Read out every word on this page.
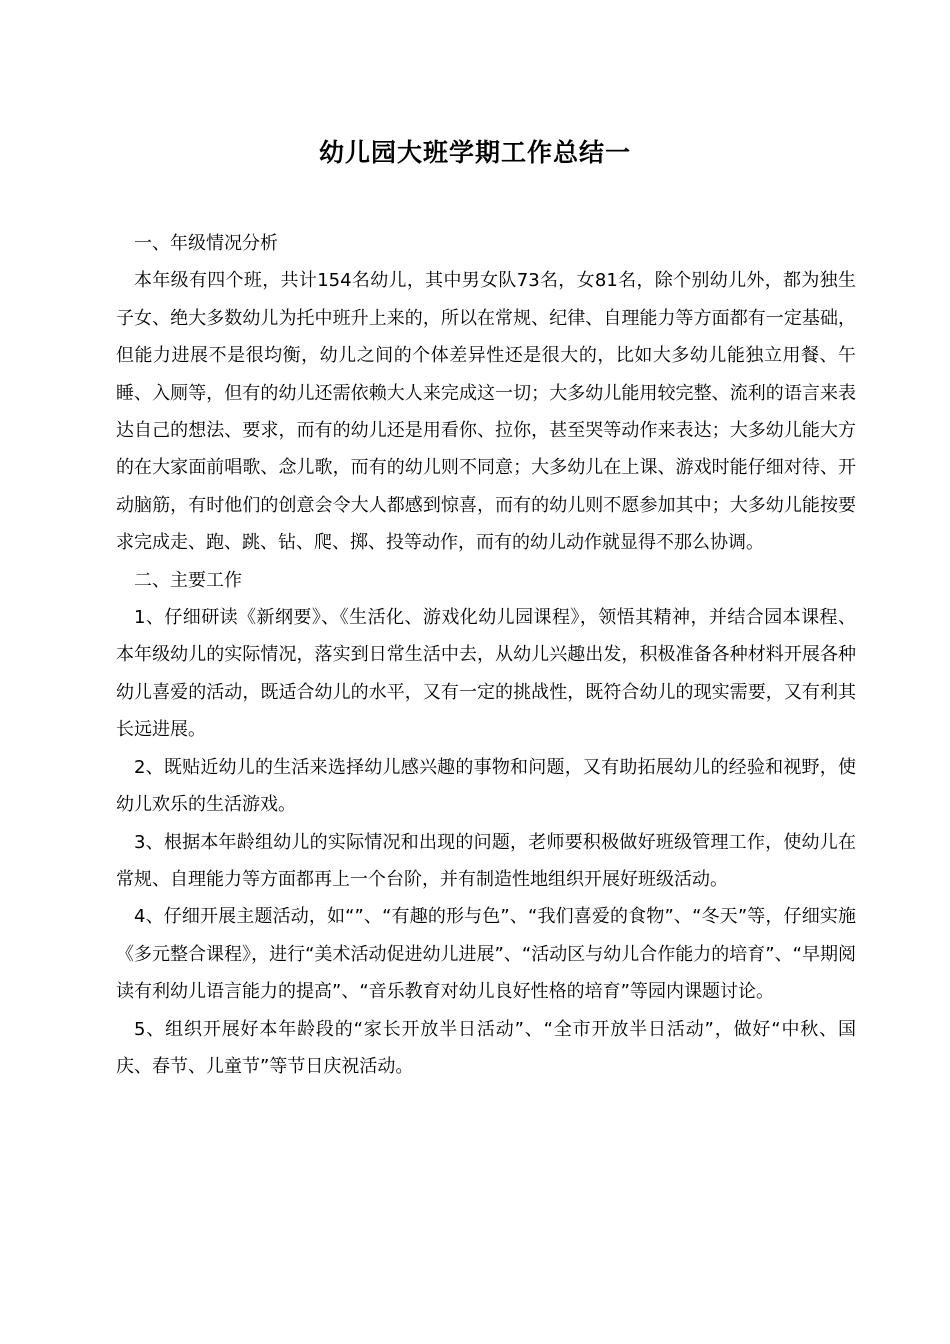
幼儿园大班学期工作总结一

一、年级情况分析

本年级有四个班，共计154名幼儿，其中男女队73名，女81名，除个别幼儿外，都为独生子女、绝大多数幼儿为托中班升上来的，所以在常规、纪律、自理能力等方面都有一定基础，但能力进展不是很均衡，幼儿之间的个体差异性还是很大的，比如大多幼儿能独立用餐、午睡、入厕等，但有的幼儿还需依赖大人来完成这一切；大多幼儿能用较完整、流利的语言来表达自己的想法、要求，而有的幼儿还是用看你、拉你，甚至哭等动作来表达；大多幼儿能大方的在大家面前唱歌、念儿歌，而有的幼儿则不同意；大多幼儿在上课、游戏时能仔细对待、开动脑筋，有时他们的创意会令大人都感到惊喜，而有的幼儿则不愿参加其中；大多幼儿能按要求完成走、跑、跳、钻、爬、掷、投等动作，而有的幼儿动作就显得不那么协调。

二、主要工作

1、仔细研读《新纲要》、《生活化、游戏化幼儿园课程》，领悟其精神，并结合园本课程、本年级幼儿的实际情况，落实到日常生活中去，从幼儿兴趣出发，积极准备各种材料开展各种幼儿喜爱的活动，既适合幼儿的水平，又有一定的挑战性，既符合幼儿的现实需要，又有利其长远进展。

2、既贴近幼儿的生活来选择幼儿感兴趣的事物和问题，又有助拓展幼儿的经验和视野，使幼儿欢乐的生活游戏。

3、根据本年龄组幼儿的实际情况和出现的问题，老师要积极做好班级管理工作，使幼儿在常规、自理能力等方面都再上一个台阶，并有制造性地组织开展好班级活动。

4、仔细开展主题活动，如“”、“有趣的形与色”、“我们喜爱的食物”、“冬天”等，仔细实施《多元整合课程》，进行“美术活动促进幼儿进展”、“活动区与幼儿合作能力的培育”、“早期阅读有利幼儿语言能力的提高”、“音乐教育对幼儿良好性格的培育”等园内课题讨论。

5、组织开展好本年龄段的“家长开放半日活动”、“全市开放半日活动”，做好“中秋、国庆、春节、儿童节”等节日庆祝活动。
